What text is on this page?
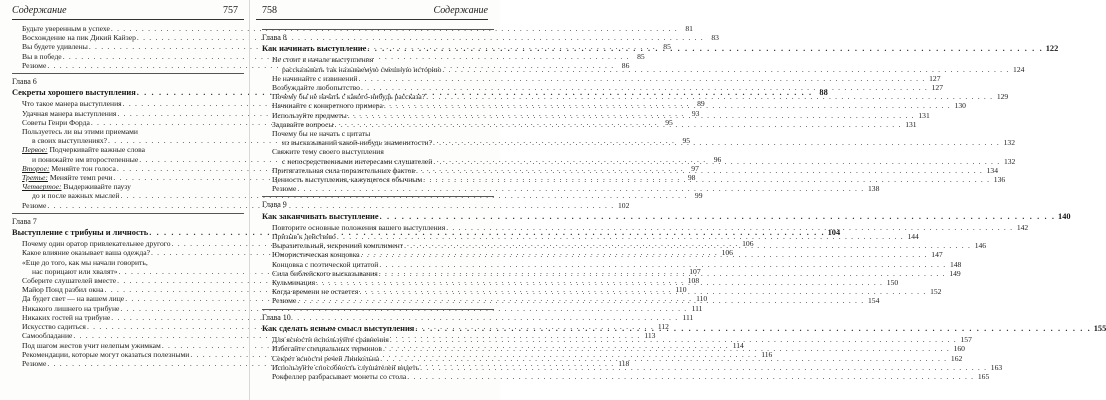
Содержание	757
Будьте уверенным в успехе . . .	81
Восхождение на пик Дикий Кайзер . . .	83
Вы будете удивлены . . .	85
Вы в победе . . .	85
Резюме . . .	86
Глава 6
Секреты хорошего выступления . . .	88
Что такое манера выступления . . .	89
Удачная манера выступления . . .	93
Советы Генри Форда . . .	95
Пользуетесь ли вы этими приемами
в своих выступлениях? . . .	95
Первое: Подчеркивайте важные слова
и понижайте им второстепенные . . .	96
Второе: Меняйте тон голоса . . .	97
Третье: Меняйте темп речи . . .	98
Четвертое: Выдерживайте паузу
до и после важных мыслей . . .	99
Резюме . . .	102
Глава 7
Выступление с трибуны и личность . . .	104
Почему один оратор привлекательнее другого . . .	106
Какое влияние оказывает ваша одежда? . . .	106
«Еще до того, как мы начали говорить,
нас порицают или хвалят» . . .	107
Соберите слушателей вместе . . .	108
Майор Понд разбил окна . . .	110
Да будет свет — на вашем лице . . .	110
Никакого лишнего на трибуне . . .	111
Никаких гостей на трибуне . . .	111
Искусство садиться . . .	112
Самообладание . . .	113
Под шагом жестов учит нелепым ужимкам . . .	114
Рекомендации, которые могут оказаться полезными . . .	116
Резюме . . .	118
758	Содержание
Глава 8
Как начинать выступление . . .	122
Не стоит в начале выступления
рассказывать так называемую смешную историю . . .	124
Не начинайте с извинений . . .	127
Возбуждайте любопытство . . .	127
Почему бы не начать с какого-нибудь рассказа? . . .	129
Начинайте с конкретного примера . . .	130
Используйте предметы . . .	131
Задавайте вопросы . . .	131
Почему бы не начать с цитаты
из высказываний какой-нибудь знаменитости? . . .	132
Свяжите тему своего выступления
с непосредственными интересами слушателей . . .	132
Притягательная сила поразительных фактов . . .	134
Ценность выступления, кажущегося обычным . . .	136
Резюме . . .	138
Глава 9
Как заканчивать выступление . . .	140
Повторите основные положения вашего выступления . . .	142
Призыв к действию . . .	144
Выразительный, искренний комплимент . . .	146
Юмористическая концовка . . .	147
Концовка с поэтической цитатой . . .	148
Сила библейского высказывания . . .	149
Кульминация . . .	150
Когда времени не остается . . .	152
Резюме . . .	154
Глава 10
Как сделать ясным смысл выступления . . .	155
Для ясности используйте сравнения . . .	157
Избегайте специальных терминов . . .	160
Секрет ясности речей Линкольна . . .	162
Используйте способность слушателей видеть . . .	163
Рокфеллер разбрасывает монеты со стола . . .	165
